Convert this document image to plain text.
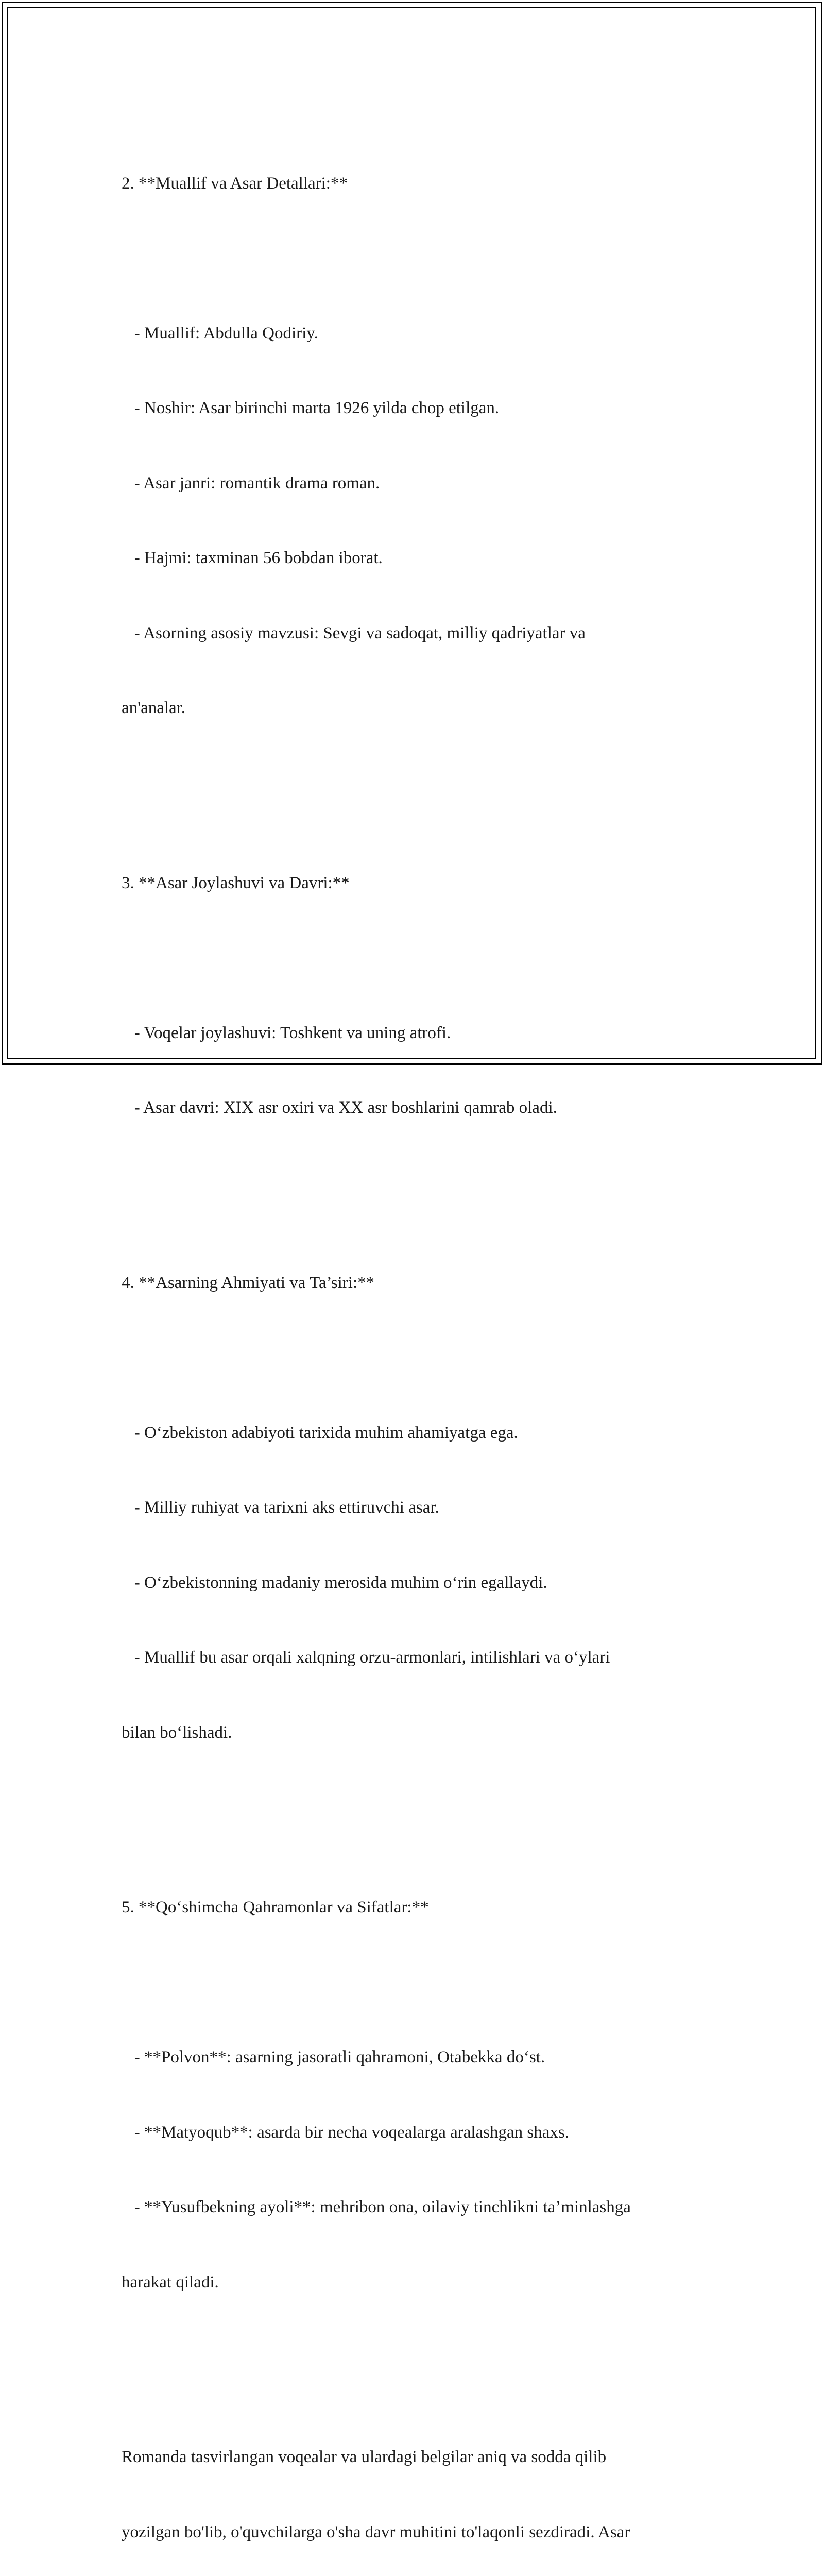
2. **Muallif va Asar Detallari:**

- Muallif: Abdulla Qodiriy.

- Noshir: Asar birinchi marta 1926 yilda chop etilgan.

- Asar janri: romantik drama roman.

- Hajmi: taxminan 56 bobdan iborat.

- Asorning asosiy mavzusi: Sevgi va sadoqat, milliy qadriyatlar va

an'analar.

3. **Asar Joylashuvi va Davri:**

- Voqelar joylashuvi: Toshkent va uning atrofi.

- Asar davri: XIX asr oxiri va XX asr boshlarini qamrab oladi.

4. **Asarning Ahmiyati va Ta’siri:**

- O‘zbekiston adabiyoti tarixida muhim ahamiyatga ega.

- Milliy ruhiyat va tarixni aks ettiruvchi asar.

- O‘zbekistonning madaniy merosida muhim o‘rin egallaydi.

- Muallif bu asar orqali xalqning orzu-armonlari, intilishlari va o‘ylari

bilan bo‘lishadi.

5. **Qo‘shimcha Qahramonlar va Sifatlar:**

- **Polvon**: asarning jasoratli qahramoni, Otabekka do‘st.

- **Matyoqub**: asarda bir necha voqealarga aralashgan shaxs.

- **Yusufbekning ayoli**: mehribon ona, oilaviy tinchlikni ta’minlashga

harakat qiladi.

Romanda tasvirlangan voqealar va ulardagi belgilar aniq va sodda qilib

yozilgan bo'lib, o'quvchilarga o'sha davr muhitini to'laqonli sezdiradi. Asar
